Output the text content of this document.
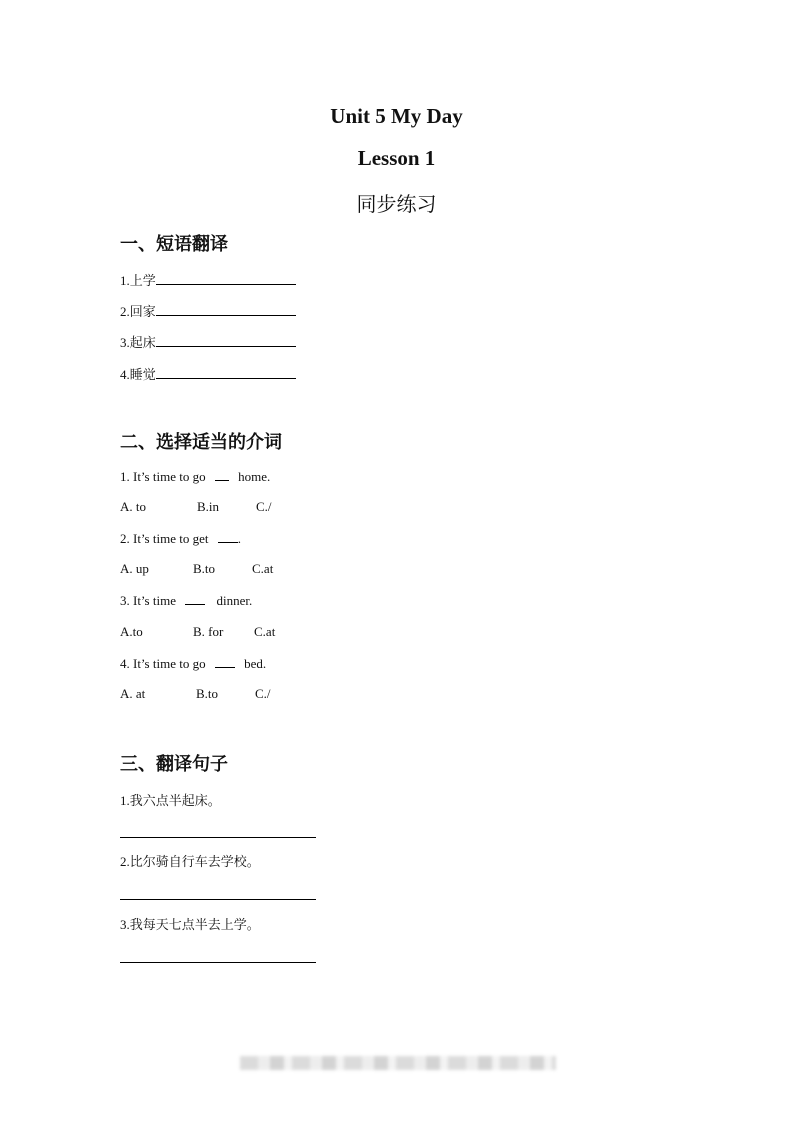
Unit 5 My Day
Lesson 1
同步练习
一、短语翻译
1.上学
2.回家
3.起床
4.睡觉
二、选择适当的介词
1. It’s time to go	home.
A. to	B.in	C./
2. It’s time to get .
A. up	B.to	C.at
3. It’s time	dinner.
A.to	B. for C.at
4. It’s time to go	bed.
A. at	B.to	C./
三、翻译句子
1.我六点半起床。
2.比尔骑自行车去学校。
3.我每天七点半去上学。
